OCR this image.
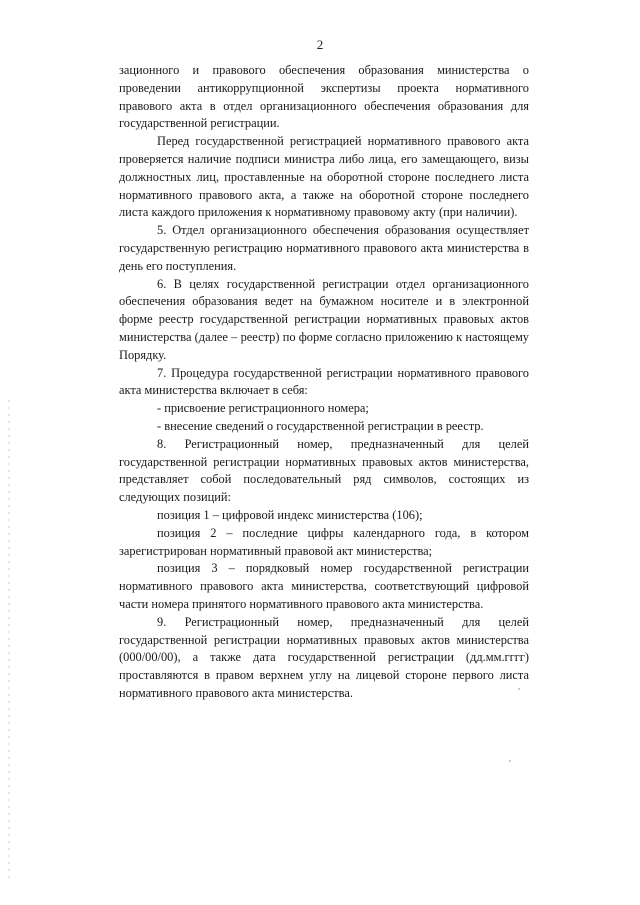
2

зационного и правового обеспечения образования министерства о проведении антикоррупционной экспертизы проекта нормативного правового акта в отдел организационного обеспечения образования для государственной регистрации.

Перед государственной регистрацией нормативного правового акта проверяется наличие подписи министра либо лица, его замещающего, визы должностных лиц, проставленные на оборотной стороне последнего листа нормативного правового акта, а также на оборотной стороне последнего листа каждого приложения к нормативному правовому акту (при наличии).

5. Отдел организационного обеспечения образования осуществляет государственную регистрацию нормативного правового акта министерства в день его поступления.

6. В целях государственной регистрации отдел организационного обеспечения образования ведет на бумажном носителе и в электронной форме реестр государственной регистрации нормативных правовых актов министерства (далее – реестр) по форме согласно приложению к настоящему Порядку.

7. Процедура государственной регистрации нормативного правового акта министерства включает в себя:

- присвоение регистрационного номера;

- внесение сведений о государственной регистрации в реестр.

8. Регистрационный номер, предназначенный для целей государственной регистрации нормативных правовых актов министерства, представляет собой последовательный ряд символов, состоящих из следующих позиций:

позиция 1 – цифровой индекс министерства (106);

позиция 2 – последние цифры календарного года, в котором зарегистрирован нормативный правовой акт министерства;

позиция 3 – порядковый номер государственной регистрации нормативного правового акта министерства, соответствующий цифровой части номера принятого нормативного правового акта министерства.

9. Регистрационный номер, предназначенный для целей государственной регистрации нормативных правовых актов министерства (000/00/00), а также дата государственной регистрации (дд.мм.гггг) проставляются в правом верхнем углу на лицевой стороне первого листа нормативного правового акта министерства.
